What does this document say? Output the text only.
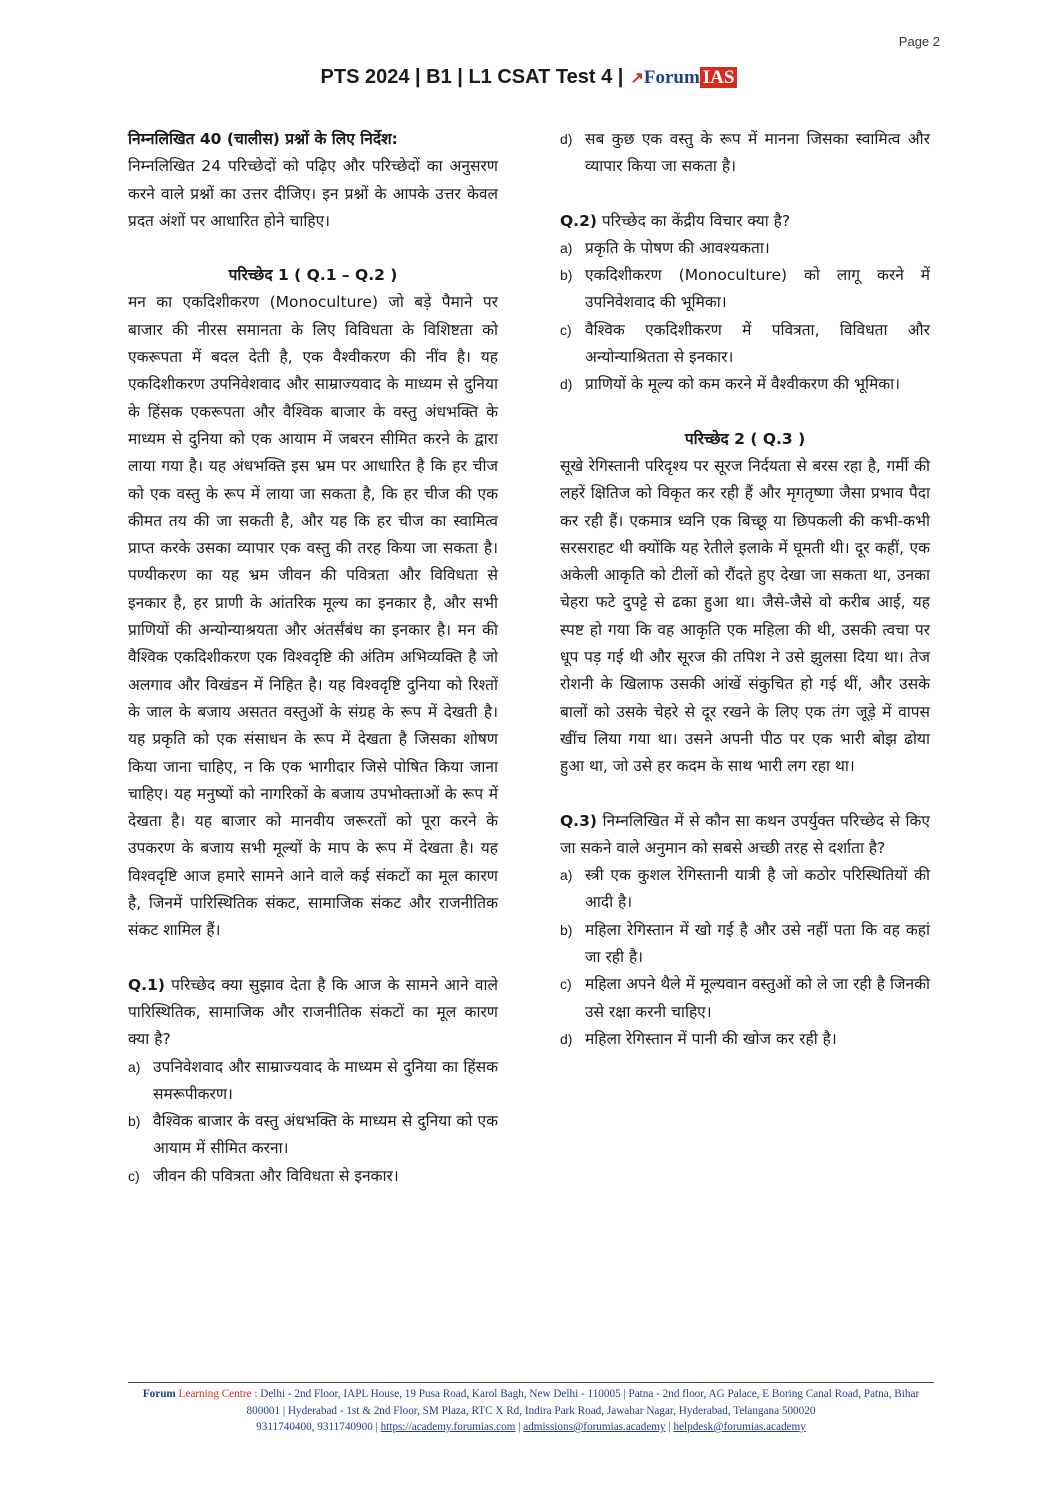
Page 2
PTS 2024 | B1 | L1 CSAT Test 4 | ↗Forum IAS

निम्नलिखित 40 (चालीस) प्रश्नों के लिए निर्देश:

निम्नलिखित 24 परिच्छेदों को पढ़िए और परिच्छेदों का अनुसरण करने वाले प्रश्नों का उत्तर दीजिए। इन प्रश्नों के आपके उत्तर केवल प्रदत अंशों पर आधारित होने चाहिए।

परिच्छेद 1 ( Q.1 – Q.2 )

मन का एकदिशीकरण (Monoculture) जो बड़े पैमाने पर बाजार की नीरस समानता के लिए विविधता के विशिष्टता को एकरूपता में बदल देती है, एक वैश्वीकरण की नींव है। यह एकदिशीकरण उपनिवेशवाद और साम्राज्यवाद के माध्यम से दुनिया के हिंसक एकरूपता और वैश्विक बाजार के वस्तु अंधभक्ति के माध्यम से दुनिया को एक आयाम में जबरन सीमित करने के द्वारा लाया गया है। यह अंधभक्ति इस भ्रम पर आधारित है कि हर चीज को एक वस्तु के रूप में लाया जा सकता है, कि हर चीज की एक कीमत तय की जा सकती है, और यह कि हर चीज का स्वामित्व प्राप्त करके उसका व्यापार एक वस्तु की तरह किया जा सकता है। पण्यीकरण का यह भ्रम जीवन की पवित्रता और विविधता से इनकार है, हर प्राणी के आंतरिक मूल्य का इनकार है, और सभी प्राणियों की अन्योन्याश्रयता और अंतर्संबंध का इनकार है। मन की वैश्विक एकदिशीकरण एक विश्वदृष्टि की अंतिम अभिव्यक्ति है जो अलगाव और विखंडन में निहित है। यह विश्वदृष्टि दुनिया को रिश्तों के जाल के बजाय असतत वस्तुओं के संग्रह के रूप में देखती है। यह प्रकृति को एक संसाधन के रूप में देखता है जिसका शोषण किया जाना चाहिए, न कि एक भागीदार जिसे पोषित किया जाना चाहिए। यह मनुष्यों को नागरिकों के बजाय उपभोक्ताओं के रूप में देखता है। यह बाजार को मानवीय जरूरतों को पूरा करने के उपकरण के बजाय सभी मूल्यों के माप के रूप में देखता है। यह विश्वदृष्टि आज हमारे सामने आने वाले कई संकटों का मूल कारण है, जिनमें पारिस्थितिक संकट, सामाजिक संकट और राजनीतिक संकट शामिल हैं।

Q.1) परिच्छेद क्या सुझाव देता है कि आज के सामने आने वाले पारिस्थितिक, सामाजिक और राजनीतिक संकटों का मूल कारण क्या है?
a) उपनिवेशवाद और साम्राज्यवाद के माध्यम से दुनिया का हिंसक समरूपीकरण।
b) वैश्विक बाजार के वस्तु अंधभक्ति के माध्यम से दुनिया को एक आयाम में सीमित करना।
c) जीवन की पवित्रता और विविधता से इनकार।
d) सब कुछ एक वस्तु के रूप में मानना जिसका स्वामित्व और व्यापार किया जा सकता है।
Q.2) परिच्छेद का केंद्रीय विचार क्या है?
a) प्रकृति के पोषण की आवश्यकता।
b) एकदिशीकरण (Monoculture) को लागू करने में उपनिवेशवाद की भूमिका।
c) वैश्विक एकदिशीकरण में पवित्रता, विविधता और अन्योन्याश्रितता से इनकार।
d) प्राणियों के मूल्य को कम करने में वैश्वीकरण की भूमिका।

परिच्छेद 2 ( Q.3 )

सूखे रेगिस्तानी परिदृश्य पर सूरज निर्दयता से बरस रहा है, गर्मी की लहरें क्षितिज को विकृत कर रही हैं और मृगतृष्णा जैसा प्रभाव पैदा कर रही हैं। एकमात्र ध्वनि एक बिच्छू या छिपकली की कभी-कभी सरसराहट थी क्योंकि यह रेतीले इलाके में घूमती थी। दूर कहीं, एक अकेली आकृति को टीलों को रौंदते हुए देखा जा सकता था, उनका चेहरा फटे दुपट्टे से ढका हुआ था। जैसे-जैसे वो करीब आई, यह स्पष्ट हो गया कि वह आकृति एक महिला की थी, उसकी त्वचा पर धूप पड़ गई थी और सूरज की तपिश ने उसे झुलसा दिया था। तेज रोशनी के खिलाफ उसकी आंखें संकुचित हो गई थीं, और उसके बालों को उसके चेहरे से दूर रखने के लिए एक तंग जूड़े में वापस खींच लिया गया था। उसने अपनी पीठ पर एक भारी बोझ ढोया हुआ था, जो उसे हर कदम के साथ भारी लग रहा था।

Q.3) निम्नलिखित में से कौन सा कथन उपर्युक्त परिच्छेद से किए जा सकने वाले अनुमान को सबसे अच्छी तरह से दर्शाता है?
a) स्त्री एक कुशल रेगिस्तानी यात्री है जो कठोर परिस्थितियों की आदी है।
b) महिला रेगिस्तान में खो गई है और उसे नहीं पता कि वह कहां जा रही है।
c) महिला अपने थैले में मूल्यवान वस्तुओं को ले जा रही है जिनकी उसे रक्षा करनी चाहिए।
d) महिला रेगिस्तान में पानी की खोज कर रही है।
Forum Learning Centre : Delhi - 2nd Floor, IAPL House, 19 Pusa Road, Karol Bagh, New Delhi - 110005 | Patna - 2nd floor, AG Palace, E Boring Canal Road, Patna, Bihar 800001 | Hyderabad - 1st & 2nd Floor, SM Plaza, RTC X Rd, Indira Park Road, Jawahar Nagar, Hyderabad, Telangana 500020
9311740400, 9311740900 | https://academy.forumias.com | admissions@forumias.academy | helpdesk@forumias.academy
